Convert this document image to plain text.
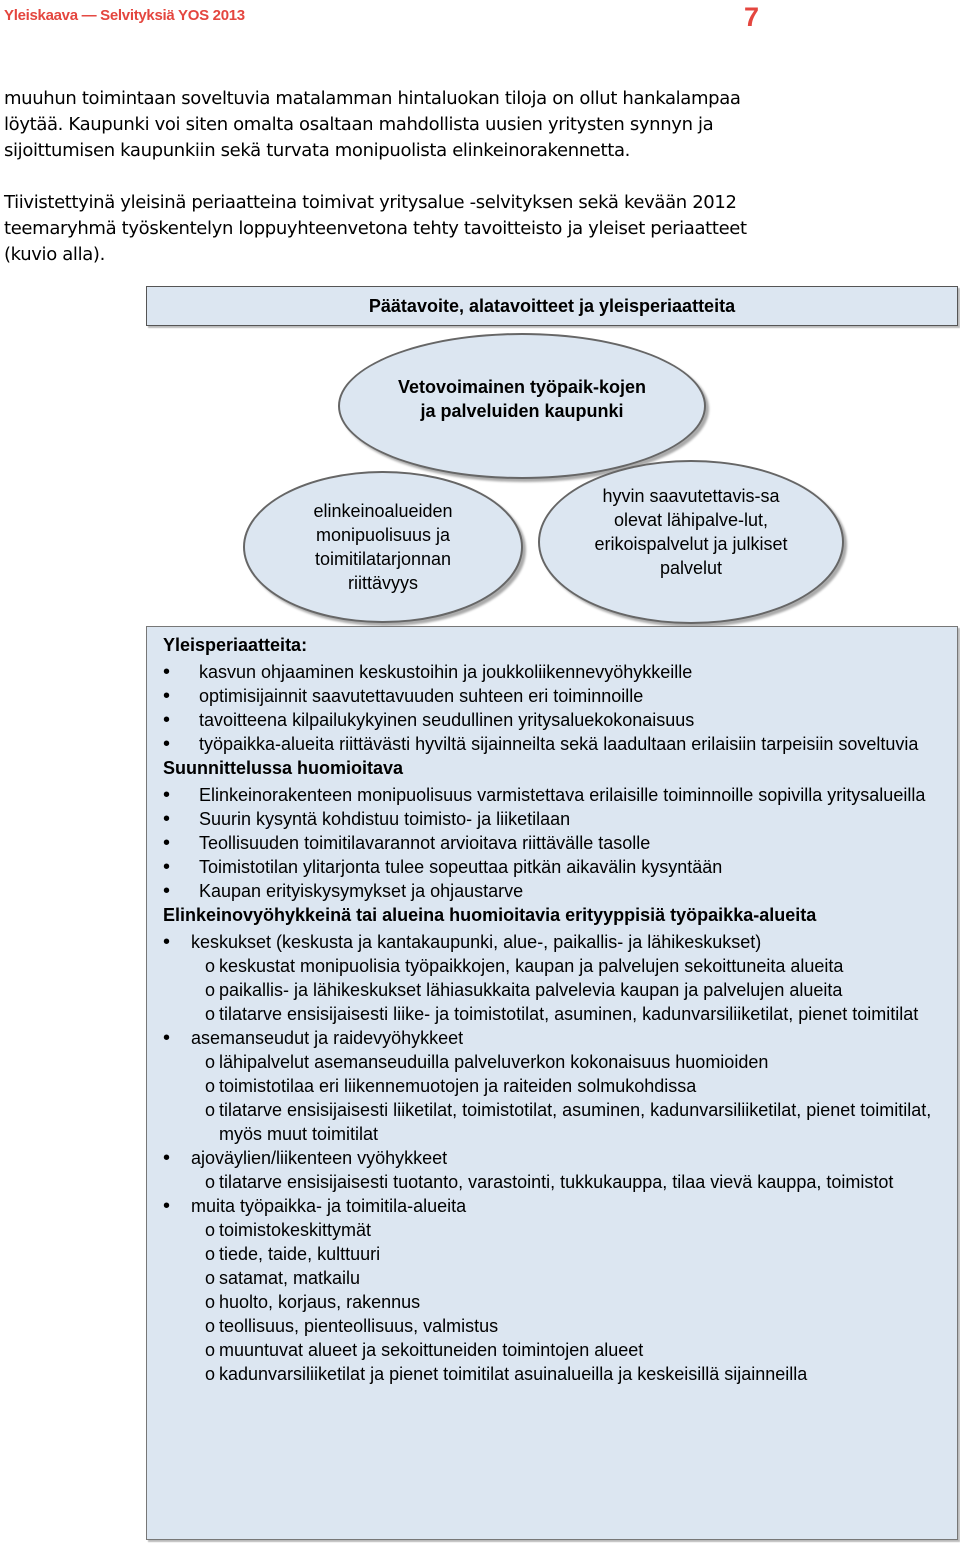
Yleiskaava — Selvityksiä YOS 2013	7

muuhun toimintaan soveltuvia matalamman hintaluokan tiloja on ollut hankalampaa löytää. Kaupunki voi siten omalta osaltaan mahdollista uusien yritysten synnyn ja sijoittumisen kaupunkiin sekä turvata monipuolista elinkeinorakennetta.

Tiivistettyinä yleisinä periaatteina toimivat yritysalue -selvityksen sekä kevään 2012 teemaryhmä työskentelyn loppuyhteenvetona tehty tavoitteisto ja yleiset periaatteet (kuvio alla).

Päätavoite, alatavoitteet ja yleisperiaatteita
Vetovoimainen työpaik-kojen ja palveluiden kaupunki
elinkeinoalueiden monipuolisuus ja toimitilatarjonnan riittävyys
hyvin saavutettavis-sa olevat lähipalve-lut, erikoispalvelut ja julkiset palvelut
Yleisperiaatteita:
• kasvun ohjaaminen keskustoihin ja joukkoliikennevyöhykkeille
• optimisijainnit saavutettavuuden suhteen eri toiminnoille
• tavoitteena kilpailukykyinen seudullinen yritysaluekokonaisuus
• työpaikka-alueita riittävästi hyviltä sijainneilta sekä laadultaan erilaisiin tarpeisiin soveltuvia
Suunnittelussa huomioitava
• Elinkeinorakenteen monipuolisuus varmistettava erilaisille toiminnoille sopivilla yritysalueilla
• Suurin kysyntä kohdistuu toimisto- ja liiketilaan
• Teollisuuden toimitilavarannot arvioitava riittävälle tasolle
• Toimistotilan ylitarjonta tulee sopeuttaa pitkän aikavälin kysyntään
• Kaupan erityiskysymykset ja ohjaustarve
Elinkeinovyöhykkeinä tai alueina huomioitavia erityyppisiä työpaikka-alueita
• keskukset (keskusta ja kantakaupunki, alue-, paikallis- ja lähikeskukset)
o keskustat monipuolisia työpaikkojen, kaupan ja palvelujen sekoittuneita alueita
o paikallis- ja lähikeskukset lähiasukkaita palvelevia kaupan ja palvelujen alueita
o tilatarve ensisijaisesti liike- ja toimistotilat, asuminen, kadunvarsiliiketilat, pienet toimitilat
• asemanseudut ja raidevyöhykkeet
o lähipalvelut asemanseuduilla palveluverkon kokonaisuus huomioiden
o toimistotilaa eri liikennemuotojen ja raiteiden solmukohdissa
o tilatarve ensisijaisesti liiketilat, toimistotilat, asuminen, kadunvarsiliiketilat, pienet toimitilat, myös muut toimitilat
• ajoväylien/liikenteen vyöhykkeet
o tilatarve ensisijaisesti tuotanto, varastointi, tukkukauppa, tilaa vievä kauppa, toimistot
• muita työpaikka- ja toimitila-alueita
o toimistokeskittymät
o tiede, taide, kulttuuri
o satamat, matkailu
o huolto, korjaus, rakennus
o teollisuus, pienteollisuus, valmistus
o muuntuvat alueet ja sekoittuneiden toimintojen alueet
o kadunvarsiliiketilat ja pienet toimitilat asuinalueilla ja keskeisillä sijainneilla
